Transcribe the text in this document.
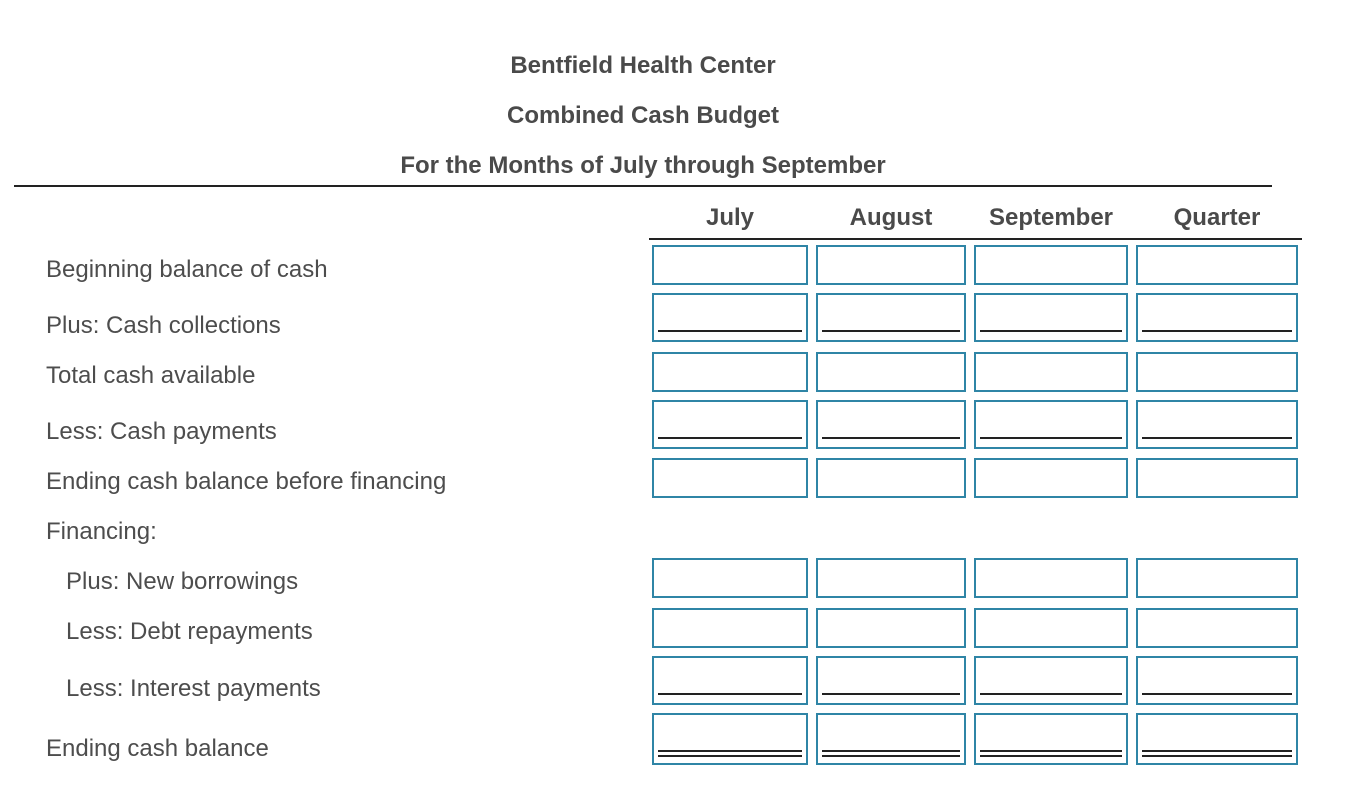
Bentfield Health Center
Combined Cash Budget
For the Months of July through September
July	August	September	Quarter
Beginning balance of cash
Plus: Cash collections
Total cash available
Less: Cash payments
Ending cash balance before financing
Financing:
Plus: New borrowings
Less: Debt repayments
Less: Interest payments
Ending cash balance
